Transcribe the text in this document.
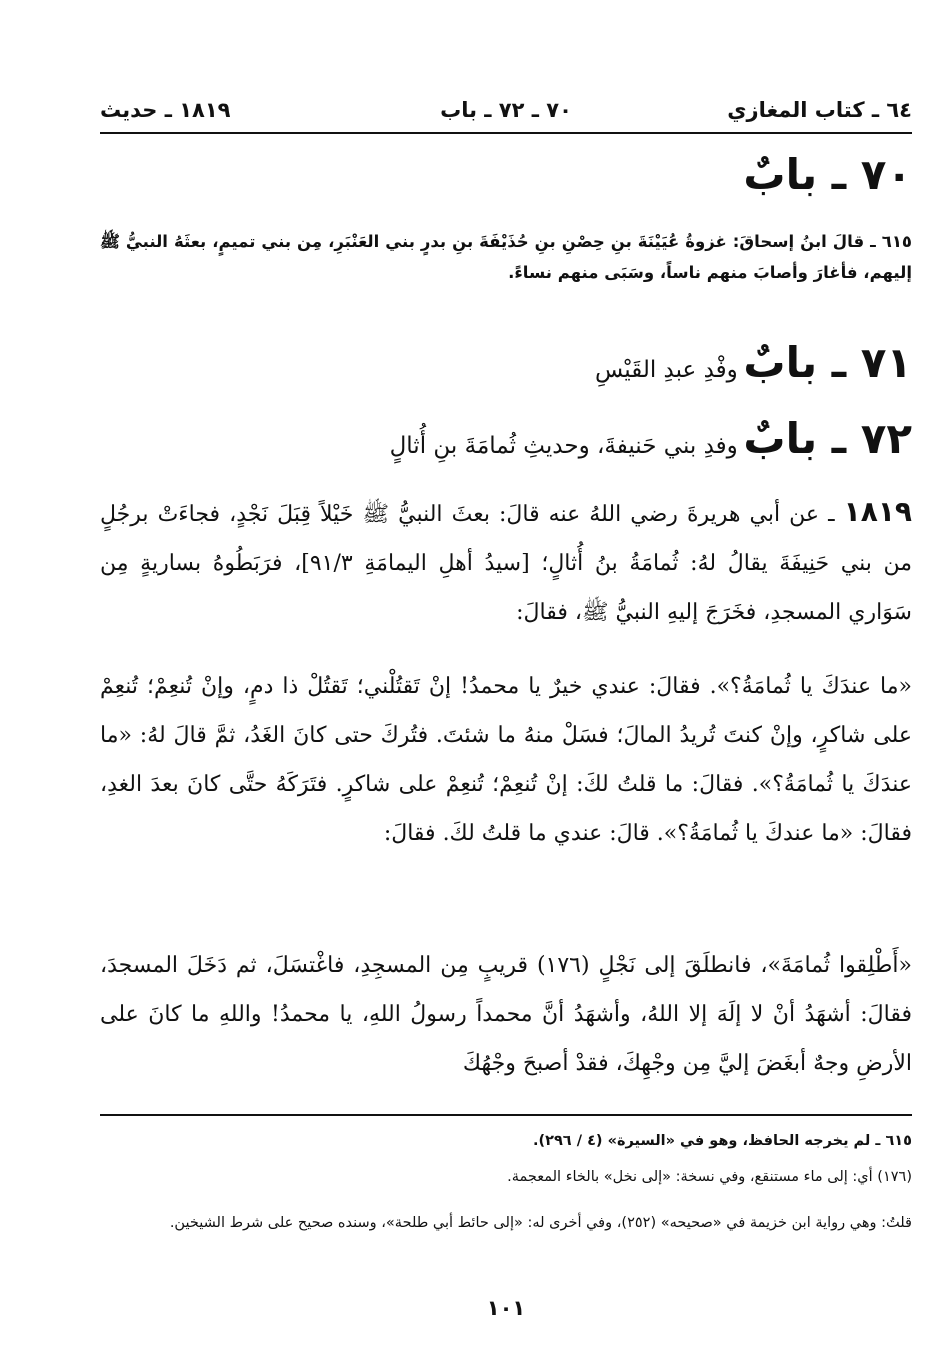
٦٤ ـ كتاب المغازي
٧٠ ـ ٧٢ ـ باب
١٨١٩ ـ حديث
٧٠ ـ بابٌ
٦١٥ ـ قالَ ابنُ إسحاقَ: غزوةُ عُيَيْنَةَ بنِ حِصْنِ بنِ حُذَيْفَةَ بنِ بدرٍ بني العَنْبَرِ، مِن بني تميمٍ، بعثَهُ النبيُّ ﷺ إليهم، فأغارَ وأصابَ منهم ناساً، وسَبَى منهم نساءً.
٧١ ـ بابٌ وفْدِ عبدِ القَيْسِ
٧٢ ـ بابٌ وفدِ بني حَنيفةَ، وحديثِ ثُمامَةَ بنِ أُثالٍ
١٨١٩ ـ عن أبي هريرةَ رضي اللهُ عنه قالَ: بعثَ النبيُّ ﷺ خَيْلاً قِبَلَ نَجْدٍ، فجاءَتْ برجُلٍ من بني حَنِيفَةَ يقالُ لهُ: ثُمامَةُ بنُ أُثالٍ؛ [سيدُ أهلِ اليمامَةِ ٩١/٣]، فرَبَطُوهُ بساريةٍ مِن سَوَاري المسجدِ، فخَرَجَ إليهِ النبيُّ ﷺ، فقالَ:
«ما عندَكَ يا ثُمامَةُ؟». فقالَ: عندي خيرٌ يا محمدُ! إنْ تَقتُلْني؛ تَقتُلْ ذا دمٍ، وإنْ تُنعِمْ؛ تُنعِمْ على شاكرٍ، وإنْ كنتَ تُريدُ المالَ؛ فسَلْ منهُ ما شئتَ. فتُركَ حتى كانَ الغَدُ، ثمَّ قالَ لهُ: «ما عندَكَ يا ثُمامَةُ؟». فقالَ: ما قلتُ لكَ: إنْ تُنعِمْ؛ تُنعِمْ على شاكرٍ. فتَرَكَهُ حتَّى كانَ بعدَ الغدِ، فقالَ: «ما عندكَ يا ثُمامَةُ؟». قالَ: عندي ما قلتُ لكَ. فقالَ:
«أَطْلِقوا ثُمامَةَ»، فانطلَقَ إلى نَجْلٍ (١٧٦) قريبٍ مِن المسجِدِ، فاغْتسَلَ، ثم دَخَلَ المسجدَ، فقالَ: أشهَدُ أنْ لا إلَهَ إلا اللهُ، وأشهَدُ أنَّ محمداً رسولُ اللهِ، يا محمدُ! واللهِ ما كانَ على الأرضِ وجهٌ أبغَضَ إليَّ مِن وجْهِكَ، فقدْ أصبحَ وجْهُكَ
٦١٥ ـ لم يخرجه الحافظ، وهو في «السيرة» (٤ / ٢٩٦).
(١٧٦) أي: إلى ماء مستنقع، وفي نسخة: «إلى نخل» بالخاء المعجمة.
قلتُ: وهي رواية ابن خزيمة في «صحيحه» (٢٥٢)، وفي أخرى له: «إلى حائط أبي طلحة»، وسنده صحيح على شرط الشيخين.
١٠١
